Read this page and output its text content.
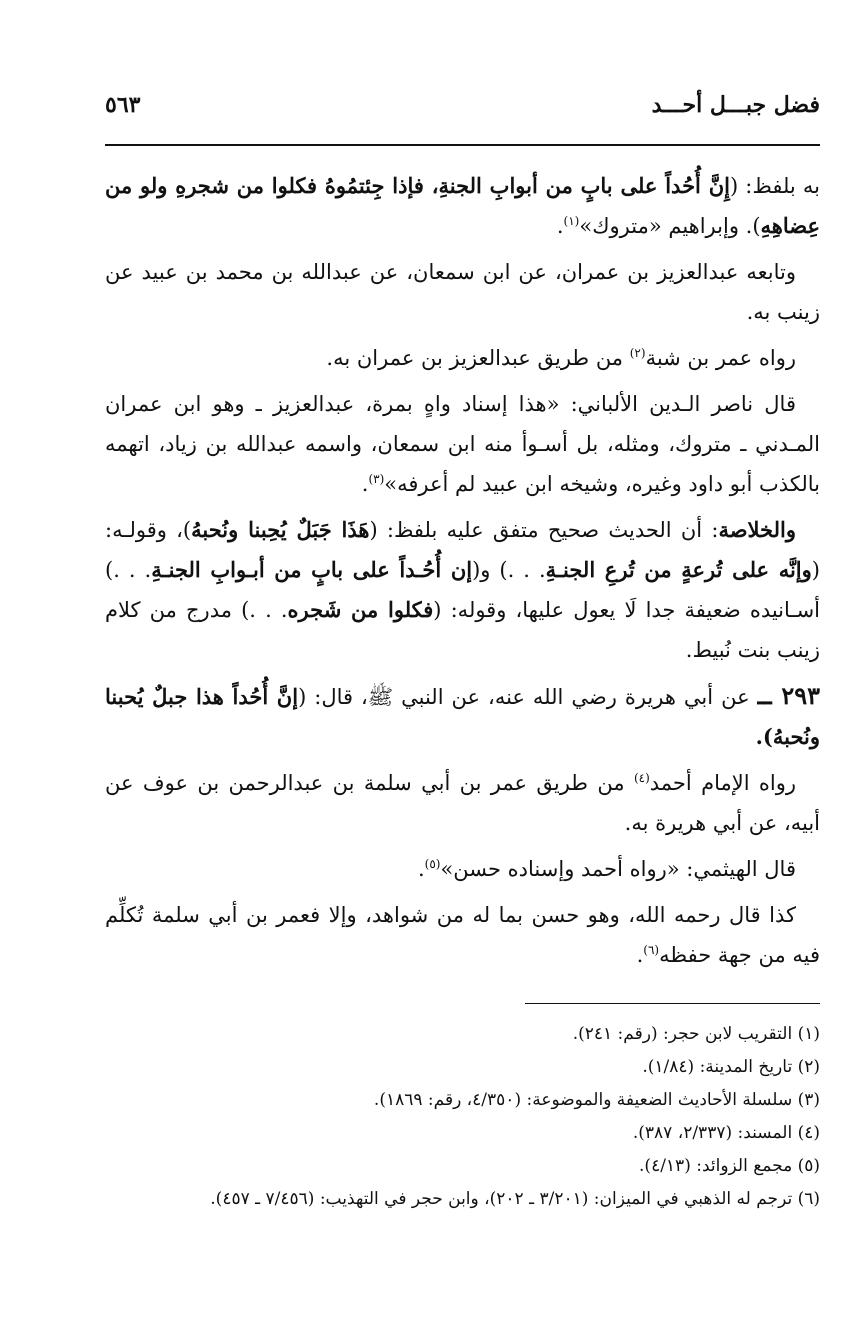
فضل جبـــل أحـــد
٥٦٣

به بلفظ: (إِنَّ أُحُداً على بابٍ من أبوابِ الجنةِ، فإذا جِئتمُوهُ فكلوا من شجرهِ ولو من عِضاهِهِ). وإبراهيم «متروك»$^{(١)}$.

وتابعه عبدالعزيز بن عمران، عن ابن سمعان، عن عبدالله بن محمد بن عبيد عن زينب به.

رواه عمر بن شبة$^{(٢)}$ من طريق عبدالعزيز بن عمران به.

قال ناصر الـدين الألباني: «هذا إسناد واهٍ بمرة، عبدالعزيز ـ وهو ابن عمران المـدني ـ متروك، ومثله، بل أسـوأ منه ابن سمعان، واسمه عبدالله بن زياد، اتهمه بالكذب أبو داود وغيره، وشيخه ابن عبيد لم أعرفه»$^{(٣)}$.

والخلاصة: أن الحديث صحيح متفق عليه بلفظ: (هَذَا جَبَلٌ يُحِبنا ونُحبهُ)، وقولـه: (وإنَّه على تُرعةٍ من تُرعِ الجنـةِ. . .) و(إن أُحُـداً على بابٍ من أبـوابِ الجنـةِ. . .) أسـانيده ضعيفة جدا لَا يعول عليها، وقوله: (فكلوا من شَجره. . .) مدرج من كلام زينب بنت نُبيط.

٢٩٣ ــ عن أبي هريرة رضي الله عنه، عن النبي ﷺ، قال: (إنَّ أُحُداً هذا جبلٌ يُحبنا ونُحبهُ).

رواه الإمام أحمد$^{(٤)}$ من طريق عمر بن أبي سلمة بن عبدالرحمن بن عوف عن أبيه، عن أبي هريرة به.

قال الهيثمي: «رواه أحمد وإسناده حسن»$^{(٥)}$.

كذا قال رحمه الله، وهو حسن بما له من شواهد، وإلا فعمر بن أبي سلمة تُكلِّم فيه من جهة حفظه$^{(٦)}$.

(١) التقريب لابن حجر: (رقم: ٢٤١).

(٢) تاريخ المدينة: (١/٨٤).

(٣) سلسلة الأحاديث الضعيفة والموضوعة: (٤/٣٥٠، رقم: ١٨٦٩).

(٤) المسند: (٢/٣٣٧، ٣٨٧).

(٥) مجمع الزوائد: (٤/١٣).

(٦) ترجم له الذهبي في الميزان: (٣/٢٠١ ـ ٢٠٢)، وابن حجر في التهذيب: (٧/٤٥٦ ـ ٤٥٧).
